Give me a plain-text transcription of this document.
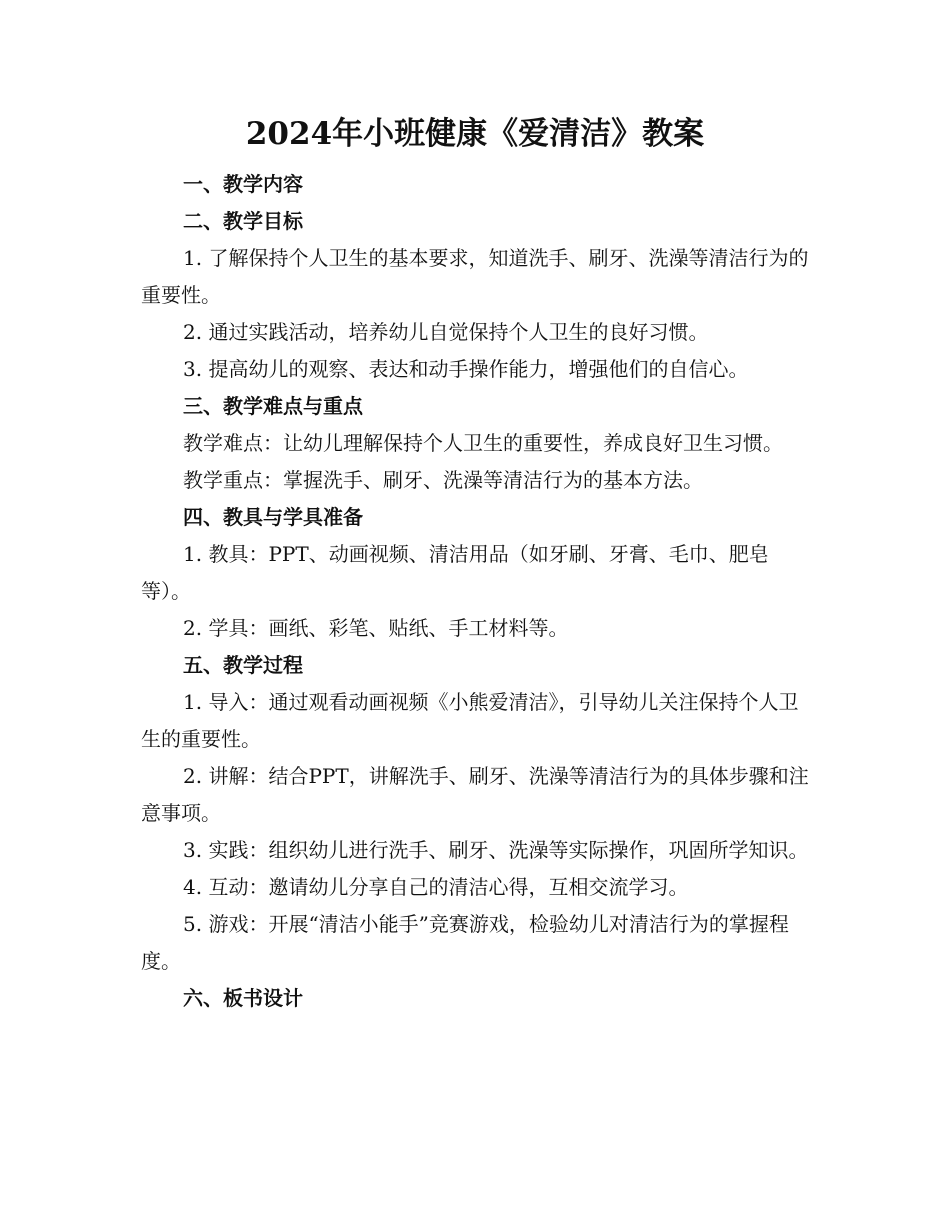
2024年小班健康《爱清洁》教案

一、教学内容

二、教学目标

1. 了解保持个人卫生的基本要求，知道洗手、刷牙、洗澡等清洁行为的重要性。

2. 通过实践活动，培养幼儿自觉保持个人卫生的良好习惯。

3. 提高幼儿的观察、表达和动手操作能力，增强他们的自信心。

三、教学难点与重点

教学难点：让幼儿理解保持个人卫生的重要性，养成良好卫生习惯。

教学重点：掌握洗手、刷牙、洗澡等清洁行为的基本方法。

四、教具与学具准备

1. 教具：PPT、动画视频、清洁用品（如牙刷、牙膏、毛巾、肥皂等）。

2. 学具：画纸、彩笔、贴纸、手工材料等。

五、教学过程

1. 导入：通过观看动画视频《小熊爱清洁》，引导幼儿关注保持个人卫生的重要性。

2. 讲解：结合PPT，讲解洗手、刷牙、洗澡等清洁行为的具体步骤和注意事项。

3. 实践：组织幼儿进行洗手、刷牙、洗澡等实际操作，巩固所学知识。

4. 互动：邀请幼儿分享自己的清洁心得，互相交流学习。

5. 游戏：开展“清洁小能手”竞赛游戏，检验幼儿对清洁行为的掌握程度。

六、板书设计
